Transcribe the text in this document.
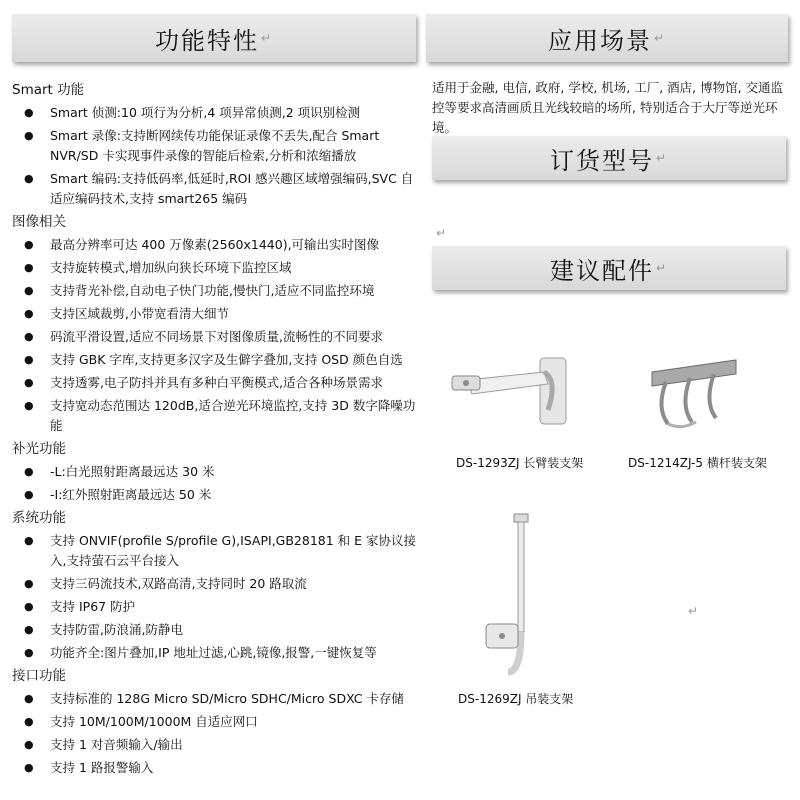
功能特性 ↵	应用场景 ↵
订货型号 ↵
↵
建议配件 ↵
Smart 功能
● Smart 侦测:10 项行为分析,4 项异常侦测,2 项识别检测
● Smart 录像:支持断网续传功能保证录像不丢失,配合 Smart NVR/SD 卡实现事件录像的智能后检索,分析和浓缩播放
● Smart 编码:支持低码率,低延时,ROI 感兴趣区域增强编码,SVC 自适应编码技术,支持 smart265 编码
图像相关
● 最高分辨率可达 400 万像素(2560x1440),可输出实时图像
● 支持旋转模式,增加纵向狭长环境下监控区域
● 支持背光补偿,自动电子快门功能,慢快门,适应不同监控环境
● 支持区域裁剪,小带宽看清大细节
● 码流平滑设置,适应不同场景下对图像质量,流畅性的不同要求
● 支持 GBK 字库,支持更多汉字及生僻字叠加,支持 OSD 颜色自选
● 支持透雾,电子防抖并具有多种白平衡模式,适合各种场景需求
● 支持宽动态范围达 120dB,适合逆光环境监控,支持 3D 数字降噪功能
补光功能
● -L:白光照射距离最远达 30 米
● -I:红外照射距离最远达 50 米
系统功能
● 支持 ONVIF(profile S/profile G),ISAPI,GB28181 和 E 家协议接入,支持萤石云平台接入
● 支持三码流技术,双路高清,支持同时 20 路取流
● 支持 IP67 防护
● 支持防雷,防浪涌,防静电
● 功能齐全:图片叠加,IP 地址过滤,心跳,镜像,报警,一键恢复等
接口功能
● 支持标准的 128G Micro SD/Micro SDHC/Micro SDXC 卡存储
● 支持 10M/100M/1000M 自适应网口
● 支持 1 对音频输入/输出
● 支持 1 路报警输入
适用于金融, 电信, 政府, 学校, 机场, 工厂, 酒店, 博物馆, 交通监控等要求高清画质且光线较暗的场所, 特别适合于大厅等逆光环境。
DS-1293ZJ 长臂装支架	DS-1214ZJ-5 横杆装支架
DS-1269ZJ 吊装支架
↵
